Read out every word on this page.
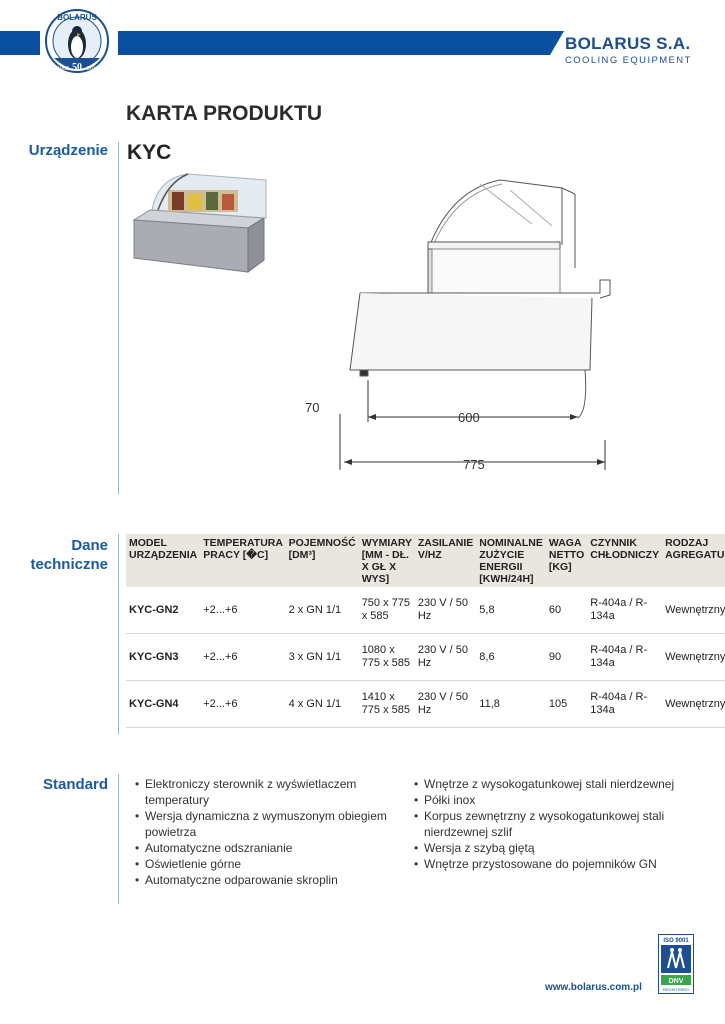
BOLARUS
1962 50
lat
2012
BOLARUS S.A.
COOLING EQUIPMENT
KARTA PRODUKTU
Urządzenie KYC
70
600
775
Dane techniczne
MODEL URZĄDZENIA	TEMPERATURA PRACY [�C]	POJEMNOŚĆ [DM³]	WYMIARY [MM - DŁ. X GŁ X WYS]	ZASILANIE V/HZ	NOMINALNE ZUŻYCIE ENERGII [KWH/24H]	WAGA NETTO [KG]	CZYNNIK CHŁODNICZY	RODZAJ AGREGATU
KYC-GN2	+2...+6	2 x GN 1/1	750 x 775 x 585	230 V / 50 Hz	5,8	60	R-404a / R-134a	Wewnętrzny
KYC-GN3	+2...+6	3 x GN 1/1	1080 x 775 x 585	230 V / 50 Hz	8,6	90	R-404a / R-134a	Wewnętrzny
KYC-GN4	+2...+6	4 x GN 1/1	1410 x 775 x 585	230 V / 50 Hz	11,8	105	R-404a / R-134a	Wewnętrzny
Standard	• Elektroniczy sterownik z wyświetlaczem temperatury
• Wersja dynamiczna z wymuszonym obiegiem powietrza
• Automatyczne odszranianie
• Oświetlenie górne
• Automatyczne odparowanie skroplin
• Wnętrze z wysokogatunkowej stali nierdzewnej
• Półki inox
• Korpus zewnętrzny z wysokogatunkowej stali nierdzewnej szlif
• Wersja z szybą giętą
• Wnętrze przystosowane do pojemników GN
www.bolarus.com.pl
ISO 9001
DNV
REGISTERED
